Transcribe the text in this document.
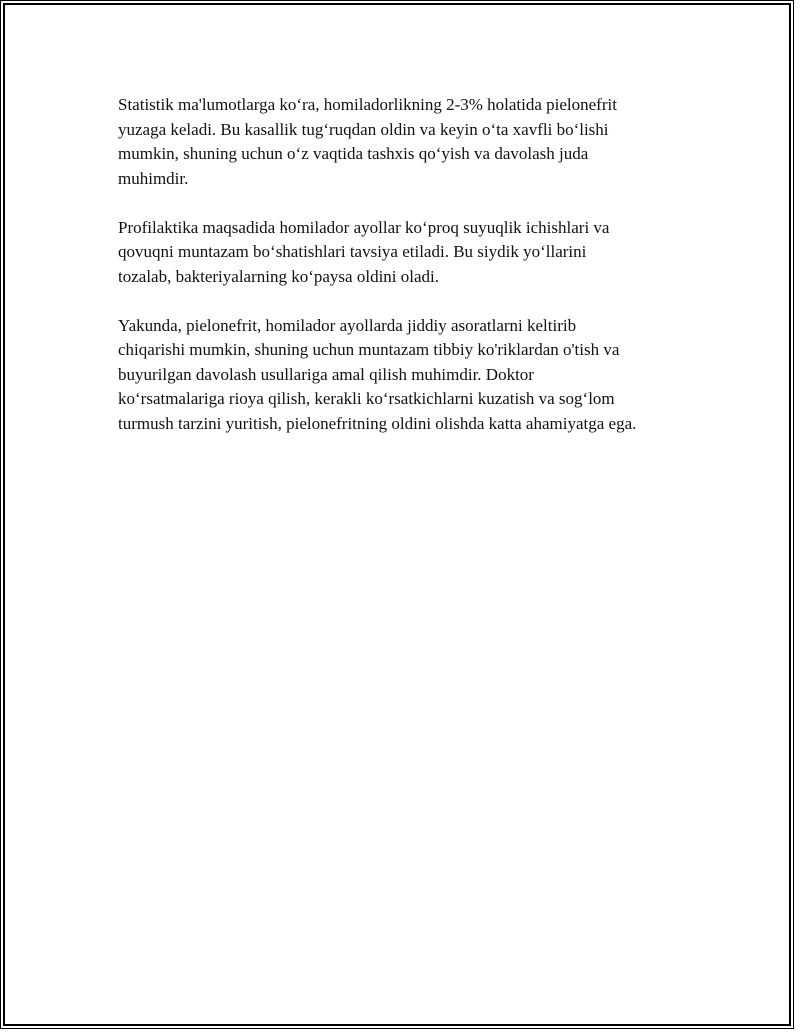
Statistik ma'lumotlarga koʻra, homiladorlikning 2-3% holatida pielonefrit
yuzaga keladi. Bu kasallik tugʻruqdan oldin va keyin oʻta xavfli boʻlishi
mumkin, shuning uchun oʻz vaqtida tashxis qoʻyish va davolash juda
muhimdir.

Profilaktika maqsadida homilador ayollar koʻproq suyuqlik ichishlari va
qovuqni muntazam boʻshatishlari tavsiya etiladi. Bu siydik yoʻllarini
tozalab, bakteriyalarning koʻpaysa oldini oladi.

Yakunda, pielonefrit, homilador ayollarda jiddiy asoratlarni keltirib
chiqarishi mumkin, shuning uchun muntazam tibbiy ko'riklardan o'tish va
buyurilgan davolash usullariga amal qilish muhimdir. Doktor
koʻrsatmalariga rioya qilish, kerakli koʻrsatkichlarni kuzatish va sogʻlom
turmush tarzini yuritish, pielonefritning oldini olishda katta ahamiyatga ega.
